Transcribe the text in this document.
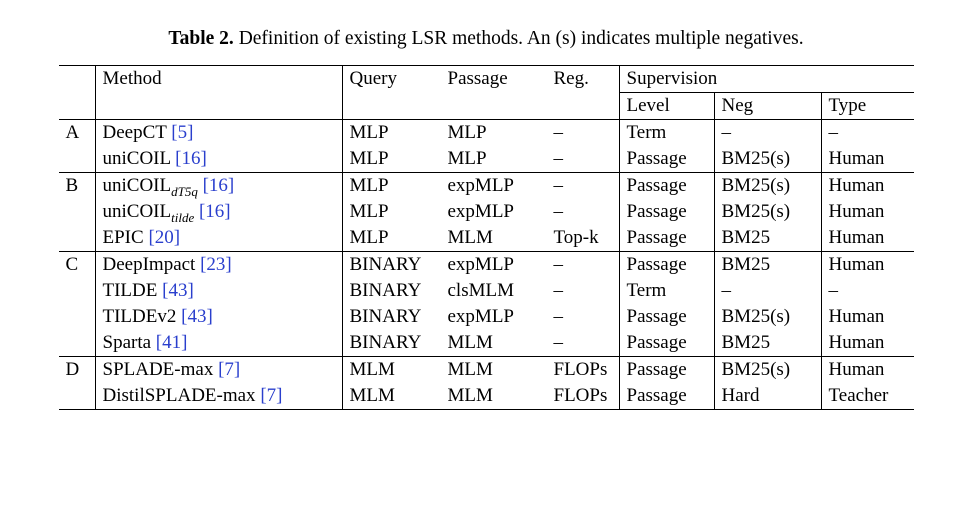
Table 2. Definition of existing LSR methods. An (s) indicates multiple negatives.
	Method	Query	Passage	Reg.	Supervision		
					Level	Neg	Type
A	DeepCT [5]	MLP	MLP	–	Term	–	–
	uniCOIL [16]	MLP	MLP	–	Passage	BM25(s)	Human
B	uniCOIL$_{dT5q}$ [16]	MLP	expMLP	–	Passage	BM25(s)	Human
	uniCOIL$_{tilde}$ [16]	MLP	expMLP	–	Passage	BM25(s)	Human
	EPIC [20]	MLP	MLM	Top-k	Passage	BM25	Human
C	DeepImpact [23]	BINARY	expMLP	–	Passage	BM25	Human
	TILDE [43]	BINARY	clsMLM	–	Term	–	–
	TILDEv2 [43]	BINARY	expMLP	–	Passage	BM25(s)	Human
	Sparta [41]	BINARY	MLM	–	Passage	BM25	Human
D	SPLADE-max [7]	MLM	MLM	FLOPs	Passage	BM25(s)	Human
	DistilSPLADE-max [7]	MLM	MLM	FLOPs	Passage	Hard	Teacher
